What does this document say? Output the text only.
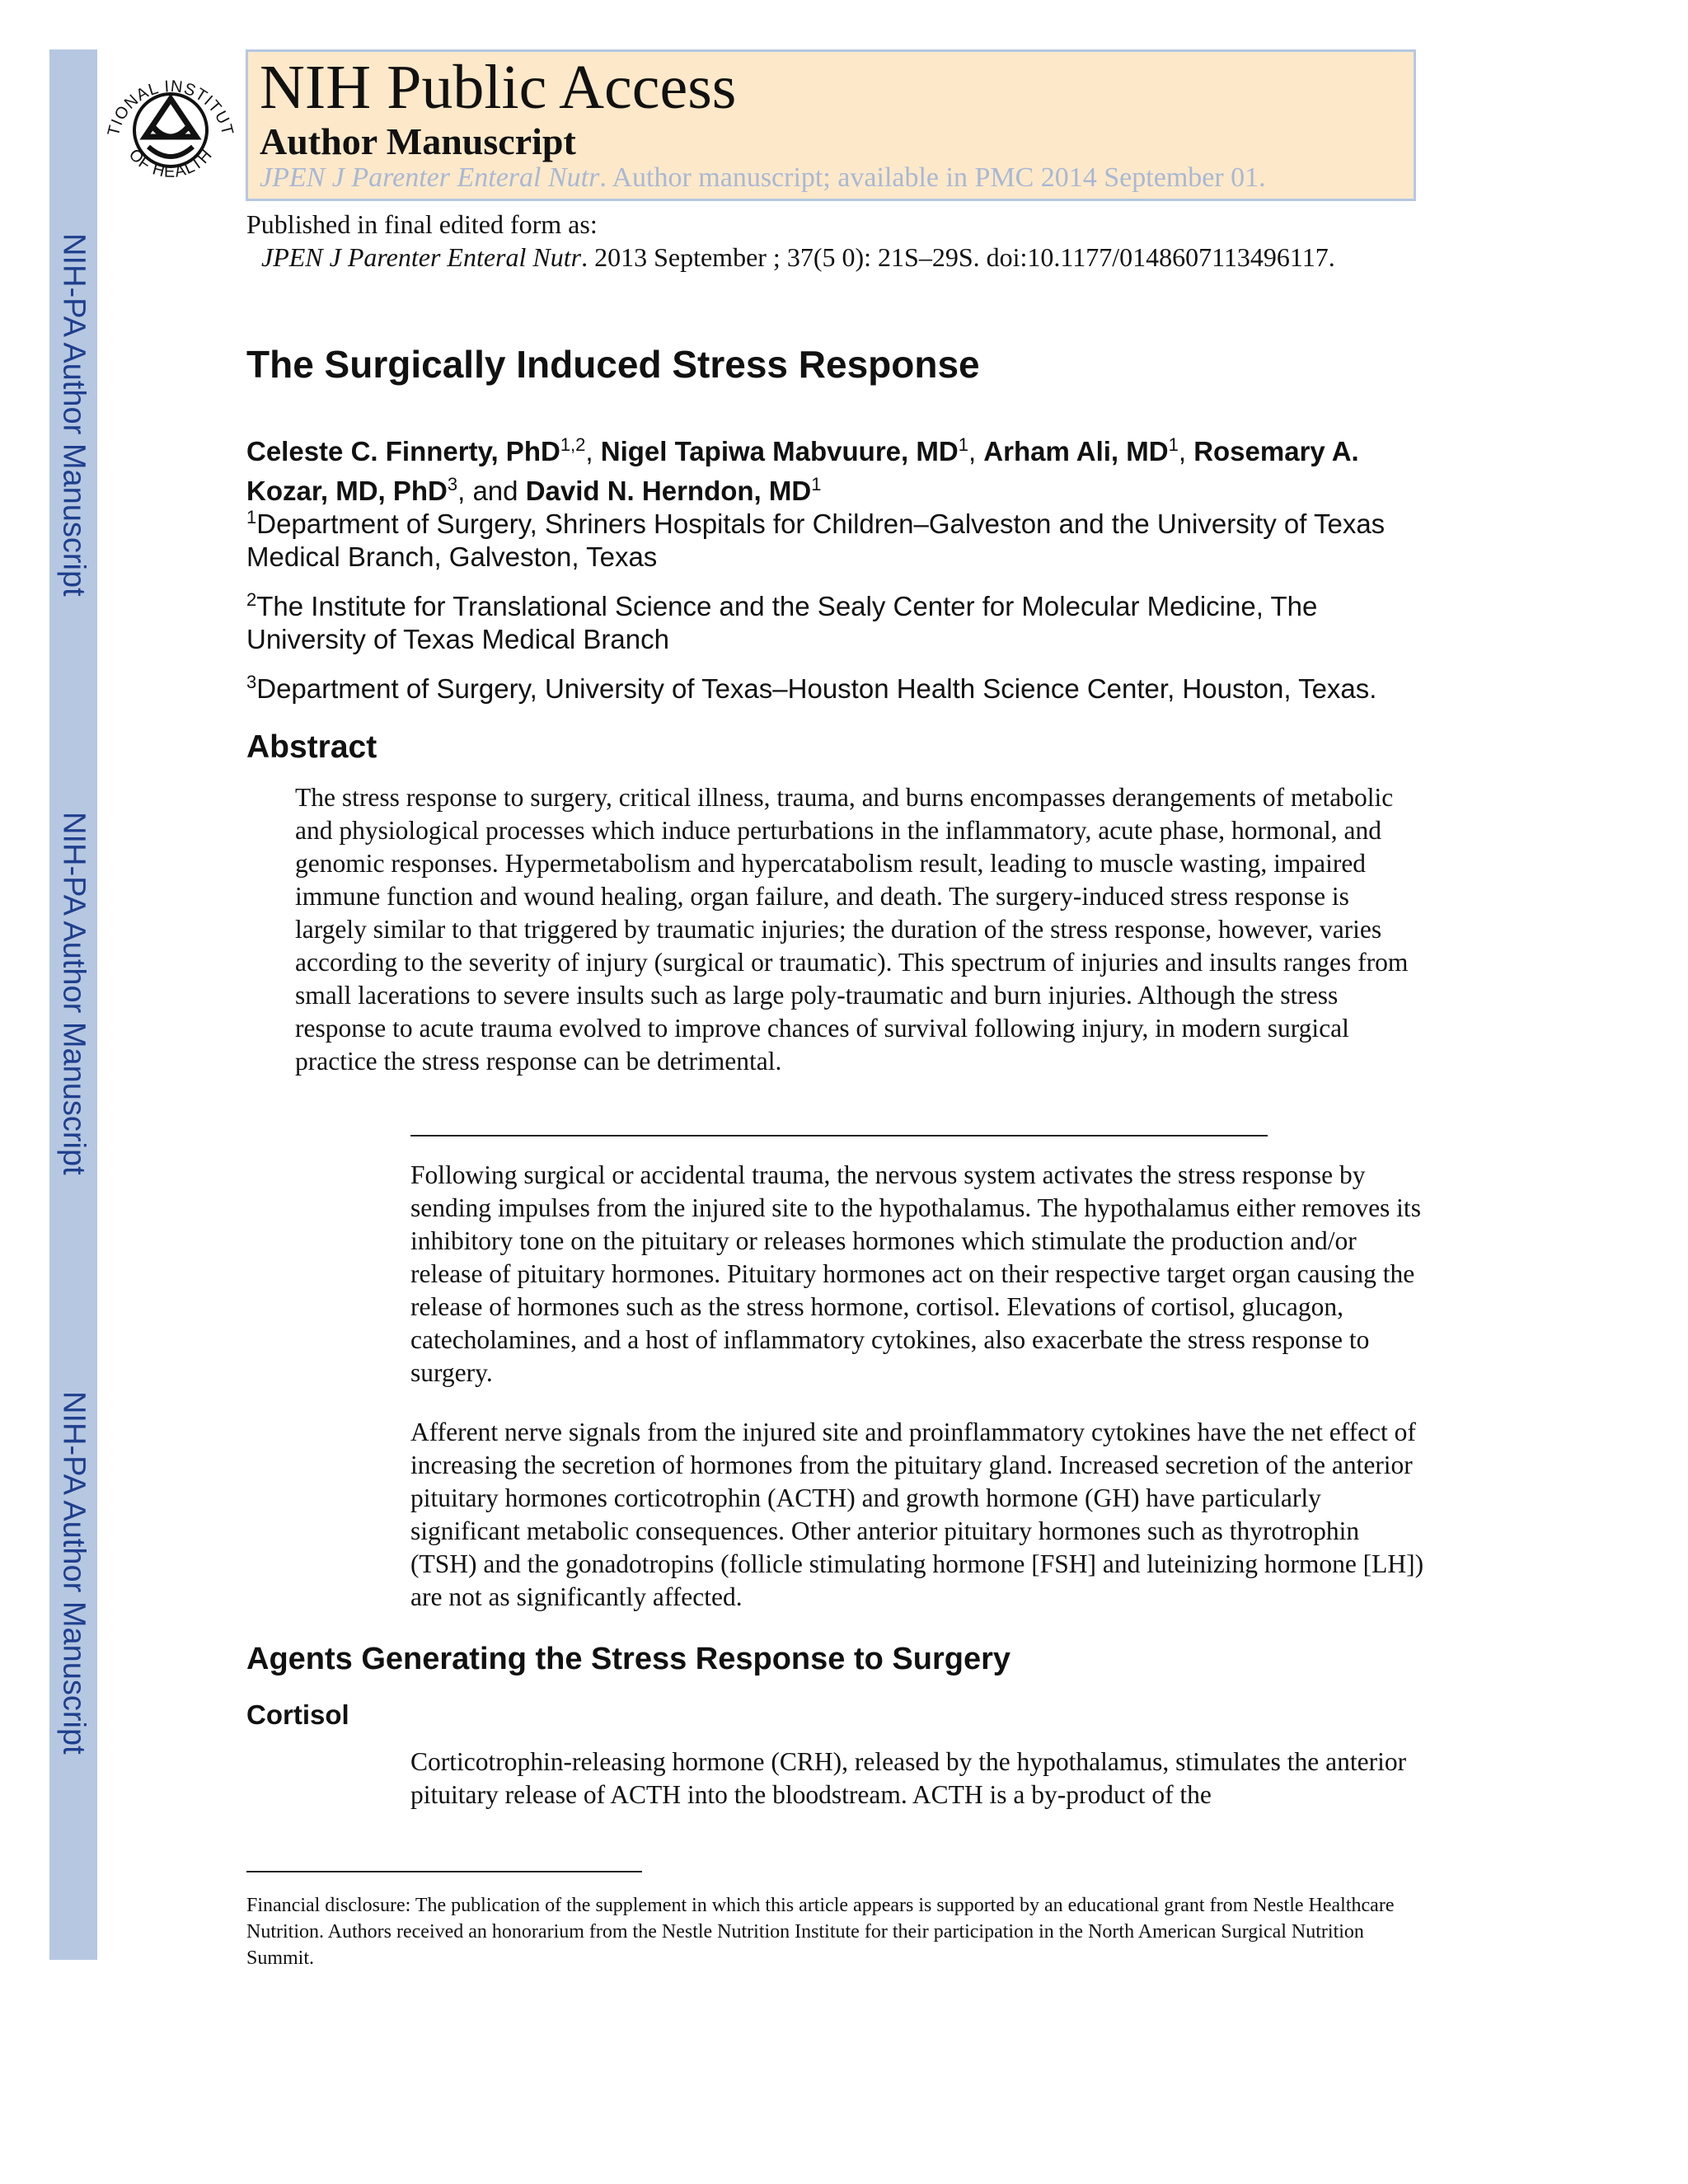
NIH-PA Author Manuscript
NIH-PA Author Manuscript
NIH-PA Author Manuscript
TIONAL INSTITUT
OF HEALTH
NIH Public Access
Author Manuscript
JPEN J Parenter Enteral Nutr. Author manuscript; available in PMC 2014 September 01.
Published in final edited form as:
JPEN J Parenter Enteral Nutr. 2013 September ; 37(5 0): 21S–29S. doi:10.1177/0148607113496117.
The Surgically Induced Stress Response
Celeste C. Finnerty, PhD$^{1,2}$, Nigel Tapiwa Mabvuure, $MD^1$, Arham Ali, $MD^1$, Rosemary A. Kozar, MD, PhD$^3$, and David N. Herndon, $MD^1$
$^1$Department of Surgery, Shriners Hospitals for Children–Galveston and the University of Texas Medical Branch, Galveston, Texas
$^2$The Institute for Translational Science and the Sealy Center for Molecular Medicine, The University of Texas Medical Branch
$^3$Department of Surgery, University of Texas–Houston Health Science Center, Houston, Texas.
Abstract
The stress response to surgery, critical illness, trauma, and burns encompasses derangements of metabolic and physiological processes which induce perturbations in the inflammatory, acute phase, hormonal, and genomic responses. Hypermetabolism and hypercatabolism result, leading to muscle wasting, impaired immune function and wound healing, organ failure, and death. The surgery-induced stress response is largely similar to that triggered by traumatic injuries; the duration of the stress response, however, varies according to the severity of injury (surgical or traumatic). This spectrum of injuries and insults ranges from small lacerations to severe insults such as large poly-traumatic and burn injuries. Although the stress response to acute trauma evolved to improve chances of survival following injury, in modern surgical practice the stress response can be detrimental.
Following surgical or accidental trauma, the nervous system activates the stress response by sending impulses from the injured site to the hypothalamus. The hypothalamus either removes its inhibitory tone on the pituitary or releases hormones which stimulate the production and/or release of pituitary hormones. Pituitary hormones act on their respective target organ causing the release of hormones such as the stress hormone, cortisol. Elevations of cortisol, glucagon, catecholamines, and a host of inflammatory cytokines, also exacerbate the stress response to surgery.
Afferent nerve signals from the injured site and proinflammatory cytokines have the net effect of increasing the secretion of hormones from the pituitary gland. Increased secretion of the anterior pituitary hormones corticotrophin (ACTH) and growth hormone (GH) have particularly significant metabolic consequences. Other anterior pituitary hormones such as thyrotrophin (TSH) and the gonadotropins (follicle stimulating hormone [FSH] and luteinizing hormone [LH]) are not as significantly affected.
Agents Generating the Stress Response to Surgery
Cortisol
Corticotrophin-releasing hormone (CRH), released by the hypothalamus, stimulates the anterior pituitary release of ACTH into the bloodstream. ACTH is a by-product of the
Financial disclosure: The publication of the supplement in which this article appears is supported by an educational grant from Nestle Healthcare Nutrition. Authors received an honorarium from the Nestle Nutrition Institute for their participation in the North American Surgical Nutrition Summit.
